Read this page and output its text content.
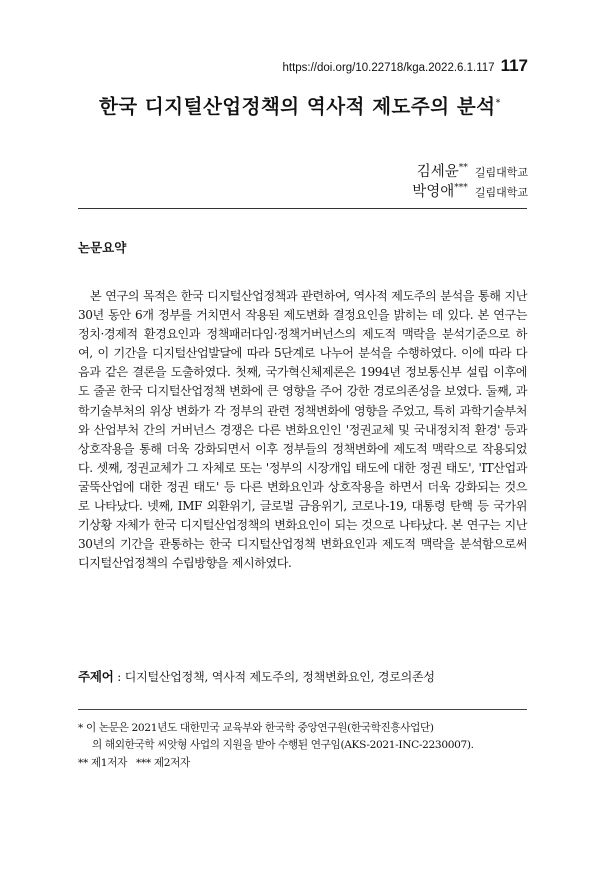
https://doi.org/10.22718/kga.2022.6.1.117 117
한국 디지털산업정책의 역사적 제도주의 분석*
김세윤** 길림대학교
박영애*** 길림대학교
논문요약
본 연구의 목적은 한국 디지털산업정책과 관련하여, 역사적 제도주의 분석을 통해 지난 30년 동안 6개 정부를 거치면서 작용된 제도변화 결정요인을 밝히는 데 있다. 본 연구는 정치·경제적 환경요인과 정책패러다임·정책거버넌스의 제도적 맥락을 분석기준으로 하여, 이 기간을 디지털산업발달에 따라 5단계로 나누어 분석을 수행하였다. 이에 따라 다음과 같은 결론을 도출하였다. 첫째, 국가혁신체제론은 1994년 정보통신부 설립 이후에도 줄곧 한국 디지털산업정책 변화에 큰 영향을 주어 강한 경로의존성을 보였다. 둘째, 과학기술부처의 위상 변화가 각 정부의 관련 정책변화에 영향을 주었고, 특히 과학기술부처와 산업부처 간의 거버넌스 경쟁은 다른 변화요인인 '정권교체 및 국내정치적 환경' 등과 상호작용을 통해 더욱 강화되면서 이후 정부들의 정책변화에 제도적 맥락으로 작용되었다. 셋째, 정권교체가 그 자체로 또는 '정부의 시장개입 태도에 대한 정권 태도', 'IT산업과 굴뚝산업에 대한 정권 태도' 등 다른 변화요인과 상호작용을 하면서 더욱 강화되는 것으로 나타났다. 넷째, IMF 외환위기, 글로벌 금융위기, 코로나-19, 대통령 탄핵 등 국가위기상황 자체가 한국 디지털산업정책의 변화요인이 되는 것으로 나타났다. 본 연구는 지난 30년의 기간을 관통하는 한국 디지털산업정책 변화요인과 제도적 맥락을 분석함으로써 디지털산업정책의 수립방향을 제시하였다.
주제어 : 디지털산업정책, 역사적 제도주의, 정책변화요인, 경로의존성
* 이 논문은 2021년도 대한민국 교육부와 한국학 중앙연구원(한국학진흥사업단)
의 해외한국학 씨앗형 사업의 지원을 받아 수행된 연구임(AKS-2021-INC-2230007).
** 제1저자   *** 제2저자
